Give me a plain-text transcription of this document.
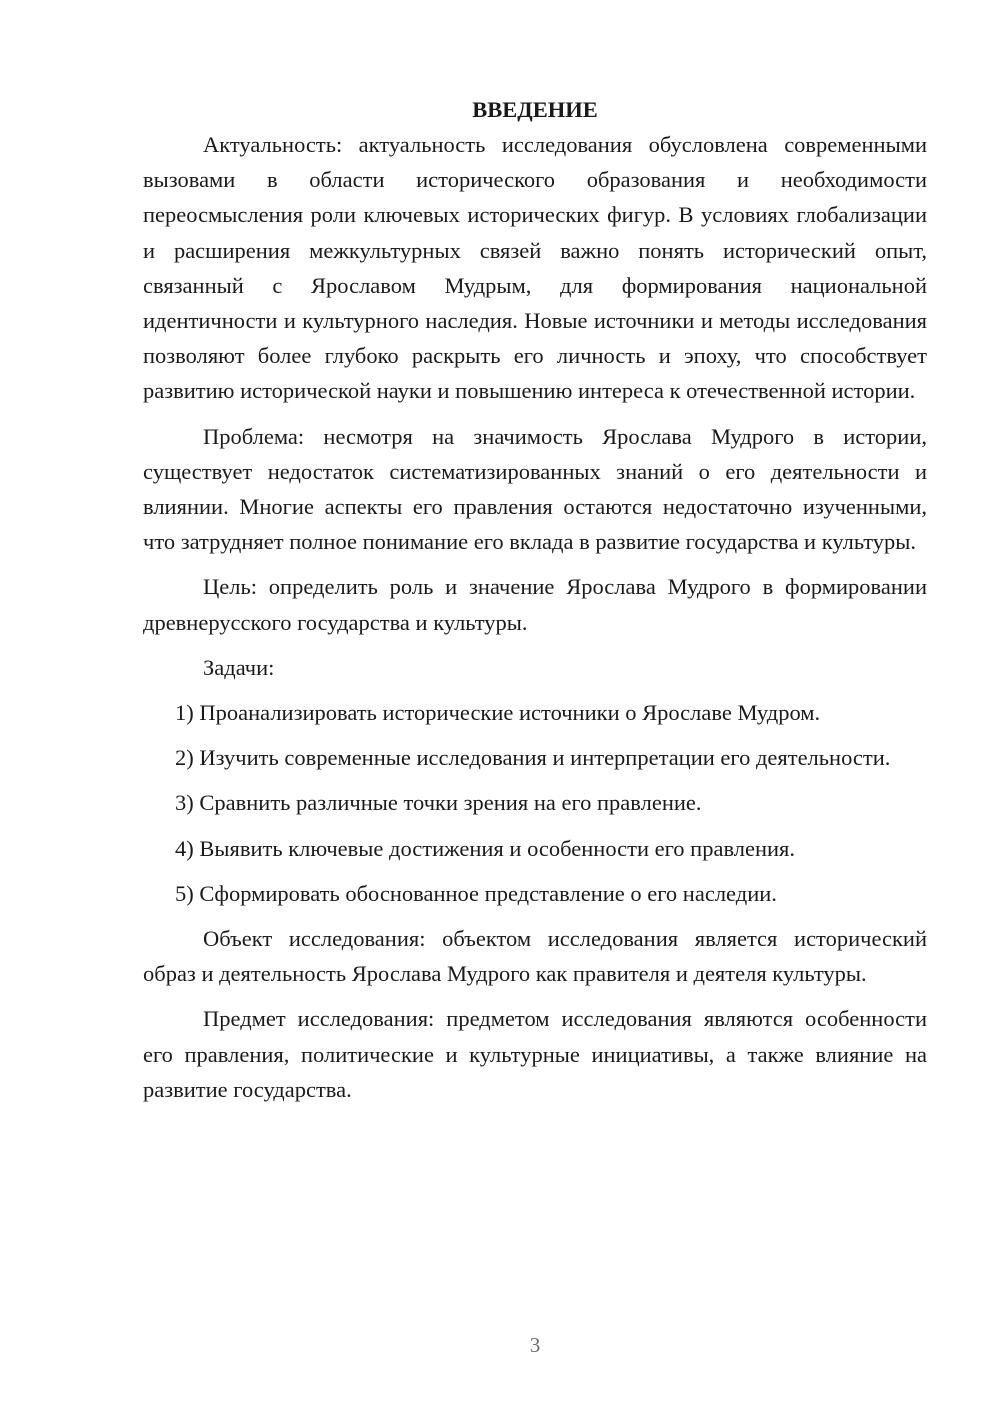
ВВЕДЕНИЕ

Актуальность: актуальность исследования обусловлена современными вызовами в области исторического образования и необходимости переосмысления роли ключевых исторических фигур. В условиях глобализации и расширения межкультурных связей важно понять исторический опыт, связанный с Ярославом Мудрым, для формирования национальной идентичности и культурного наследия. Новые источники и методы исследования позволяют более глубоко раскрыть его личность и эпоху, что способствует развитию исторической науки и повышению интереса к отечественной истории.

Проблема: несмотря на значимость Ярослава Мудрого в истории, существует недостаток систематизированных знаний о его деятельности и влиянии. Многие аспекты его правления остаются недостаточно изученными, что затрудняет полное понимание его вклада в развитие государства и культуры.

Цель: определить роль и значение Ярослава Мудрого в формировании древнерусского государства и культуры.

Задачи:

1) Проанализировать исторические источники о Ярославе Мудром.

2) Изучить современные исследования и интерпретации его деятельности.

3) Сравнить различные точки зрения на его правление.

4) Выявить ключевые достижения и особенности его правления.

5) Сформировать обоснованное представление о его наследии.

Объект исследования: объектом исследования является исторический образ и деятельность Ярослава Мудрого как правителя и деятеля культуры.

Предмет исследования: предметом исследования являются особенности его правления, политические и культурные инициативы, а также влияние на развитие государства.

3
